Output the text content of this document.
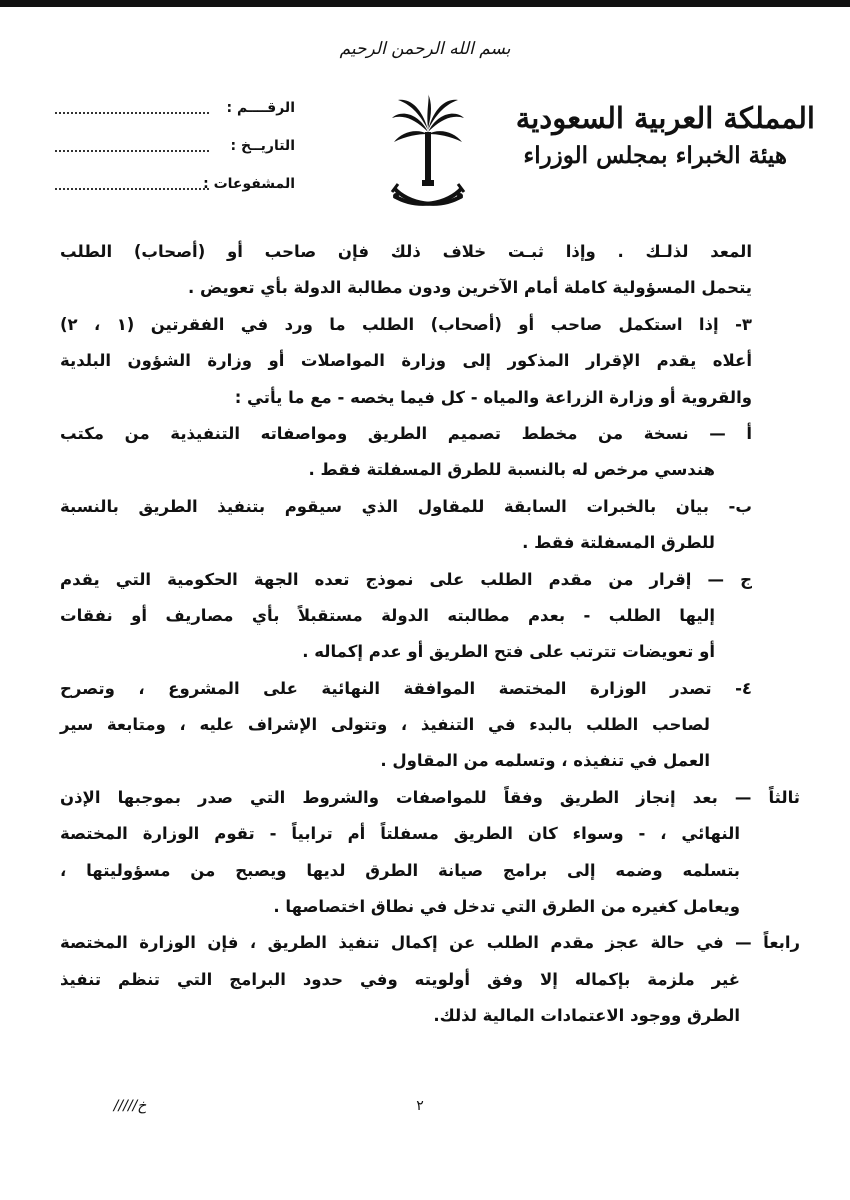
بسم الله الرحمن الرحيم
المملكة العربية السعودية
هيئة الخبراء بمجلس الوزراء
الرقــــم :
التاريــخ :
المشفوعات :
المعد لذلـك . وإذا ثبـت خلاف ذلك فإن صاحب أو (أصحاب) الطلب
يتحمل المسؤولية كاملة أمام الآخرين ودون مطالبة الدولة بأي تعويض .
٣- إذا استكمل صاحب أو (أصحاب) الطلب ما ورد في الفقرتين (١ ، ٢)
أعلاه يقدم الإقرار المذكور إلى وزارة المواصلات أو وزارة الشؤون البلدية
والقروية أو وزارة الزراعة والمياه - كل فيما يخصه - مع ما يأتي :
أ — نسخة من مخطط تصميم الطريق ومواصفاته التنفيذية من مكتب
هندسي مرخص له بالنسبة للطرق المسفلتة فقط .
ب- بيان بالخبرات السابقة للمقاول الذي سيقوم بتنفيذ الطريق بالنسبة
للطرق المسفلتة فقط .
ج — إقرار من مقدم الطلب على نموذج تعده الجهة الحكومية التي يقدم
إليها الطلب - بعدم مطالبته الدولة مستقبلاً بأي مصاريف أو نفقات
أو تعويضات تترتب على فتح الطريق أو عدم إكماله .
٤- تصدر الوزارة المختصة الموافقة النهائية على المشروع ، وتصرح
لصاحب الطلب بالبدء في التنفيذ ، وتتولى الإشراف عليه ، ومتابعة سير
العمل في تنفيذه ، وتسلمه من المقاول .
ثالثاً — بعد إنجاز الطريق وفقاً للمواصفات والشروط التي صدر بموجبها الإذن
النهائي ، - وسواء كان الطريق مسفلتاً أم ترابياً - تقوم الوزارة المختصة
بتسلمه وضمه إلى برامج صيانة الطرق لديها ويصبح من مسؤوليتها ،
ويعامل كغيره من الطرق التي تدخل في نطاق اختصاصها .
رابعاً — في حالة عجز مقدم الطلب عن إكمال تنفيذ الطريق ، فإن الوزارة المختصة
غير ملزمة بإكماله إلا وفق أولويته وفي حدود البرامج التي تنظم تنفيذ
الطرق ووجود الاعتمادات المالية لذلك.
٢
/////خ
